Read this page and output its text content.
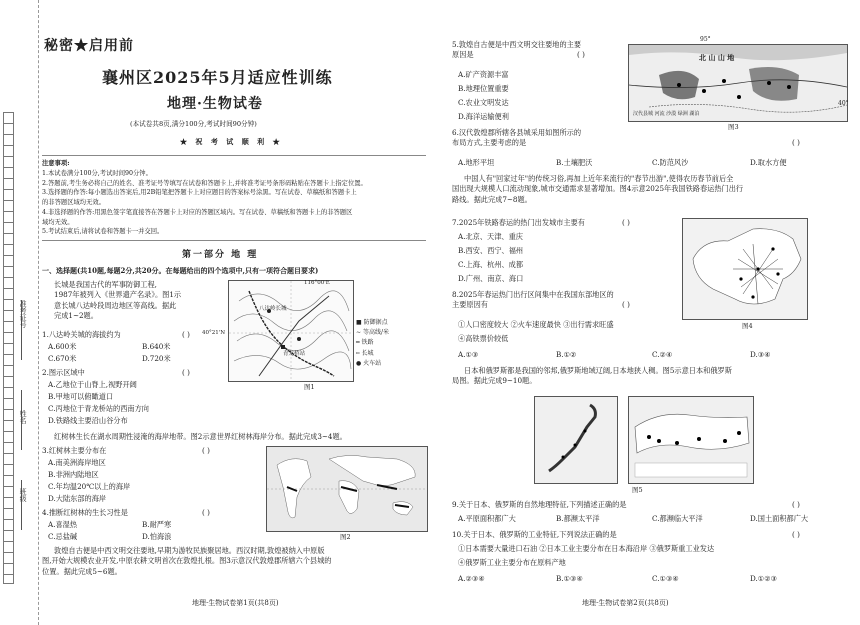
准考证号
姓名
班级
秘密★启用前
襄州区2025年5月适应性训练
地理·生物试卷
(本试卷共8页,满分100分,考试时间90分钟)
★ 祝 考 试 顺 利 ★
注意事项:
1.本试卷满分100分,考试时间90分钟。
2.答题前,考生务必将自己的姓名、准考证号等填写在试卷和答题卡上,并将准考证号条形码粘贴在答题卡上指定位置。
3.选择题的作答:每小题选出答案后,用2B铅笔把答题卡上对应题目的答案标号涂黑。写在试卷、草稿纸和答题卡上
的非答题区域均无效。
4.非选择题的作答:用黑色签字笔直接答在答题卡上对应的答题区域内。写在试卷、草稿纸和答题卡上的非答题区
域均无效。
5.考试结束后,请将试卷和答题卡一并交回。
第一部分 地 理
一、选择题(共10题,每题2分,共20分。在每题给出的四个选项中,只有一项符合题目要求)
长城是我国古代的军事防御工程,
1987年被列入《世界遗产名录》。图1示
意长城八达岭段周边地区等高线。据此
完成1~2题。
八达岭长城
青龙桥站
116°00'E
40°21'N
■ 防御据点
∼ 等高线/米
━ 铁路
┅ 长城
● 火车站
图1
1.八达岭关城的海拔约为	( )
A.600米	B.640米
C.670米	D.720米
2.图示区域中	( )
A.乙地位于山脊上,视野开阔
B.甲地可以俯瞰道口
C.丙地位于青龙桥站的西南方向
D.铁路线主要沿山谷分布
红树林生长在湖水周期性浸淹的海岸地带。图2示意世界红树林海岸分布。据此完成3~4题。
3.红树林主要分布在	( )
A.南美洲海岸地区
B.非洲内陆地区
C.年均温20℃以上的海岸
D.大陆东部的海岸
图2
4.推断红树林的生长习性是	( )
A.喜湿热	B.耐严寒
C.忌盐碱	D.怕海浪
敦煌自古便是中西文明交往要地,早期为游牧民族聚居地。西汉时期,敦煌被纳入中原版
图,开始大规模农业开发,中原农耕文明首次在敦煌扎根。图3示意汉代敦煌郡所辖六个县城的
位置。据此完成5~6题。
地理·生物试卷第1页(共8页)
5.敦煌自古便是中西文明交往要地的主要
原因是	( )
A.矿产资源丰富
B.地理位置重要
C.农业文明发达
D.海洋运输便利
北 山 山 地
汉代县城 河流 沙漠 绿洲 湖泊
95°
40°
图3
6.汉代敦煌郡所辖各县城采用如图所示的
布局方式,主要考虑的是	( )
A.地形平坦	B.土壤肥沃	C.防范风沙	D.取水方便
中国人有"回家过年"的传统习俗,再加上近年来流行的"春节出游",使得农历春节前后全
国出现大规模人口流动现象,城市交通需求显著增加。图4示意2025年我国铁路春运热门出行
路线。据此完成7~8题。
7.2025年铁路春运的热门出发城市主要有	( )
A.北京、天津、重庆
B.西安、西宁、福州
C.上海、杭州、成都
D.广州、南京、海口
图4
8.2025年春运热门出行区间集中在我国东部地区的
主要原因有	( )
①人口密度较大 ②火车速度最快 ③出行需求旺盛
④高铁票价较低
A.①③	B.①②	C.②④	D.③④
日本和俄罗斯都是我国的邻邦,俄罗斯地域辽阔,日本地狭人稠。图5示意日本和俄罗斯
局图。据此完成9~10题。
图5
9.关于日本、俄罗斯的自然地理特征,下列描述正确的是	( )
A.平原面积都广大	B.都濒太平洋	C.都濒临大平洋	D.国土面积都广大
10.关于日本、俄罗斯的工业特征,下列说法正确的是	( )
①日本需要大量进口石油 ②日本工业主要分布在日本海沿岸 ③俄罗斯重工业发达
④俄罗斯工业主要分布在原料产地
A.②③④	B.①③④	C.①③④	D.①②③
地理·生物试卷第2页(共8页)
